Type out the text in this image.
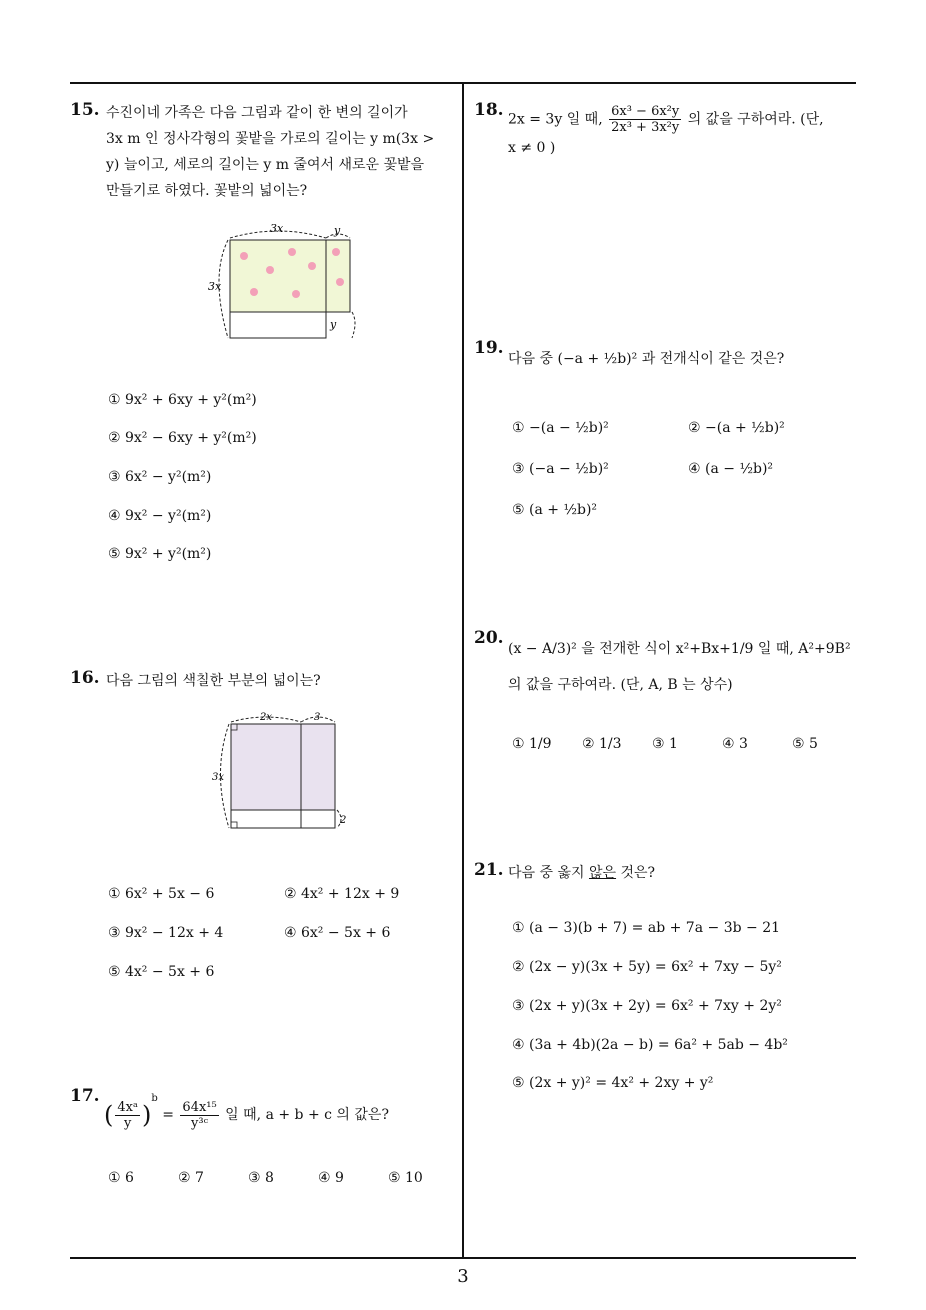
15. 수진이네 가족은 다음 그림과 같이 한 변의 길이가
3x m 인 정사각형의 꽃밭을 가로의 길이는 y m(3x >
y) 늘이고, 세로의 길이는 y m 줄여서 새로운 꽃밭을
만들기로 하였다. 꽃밭의 넓이는?
3x	y
3x
y
① 9x² + 6xy + y²(m²)
② 9x² − 6xy + y²(m²)
③ 6x² − y²(m²)
④ 9x² − y²(m²)
⑤ 9x² + y²(m²)
16. 다음 그림의 색칠한 부분의 넓이는?
2x	3
3x
2
① 6x² + 5x − 6	② 4x² + 12x + 9
③ 9x² − 12x + 4	④ 6x² − 5x + 6
⑤ 4x² − 5x + 6
17.
( $\frac{\text{4xᵃ}}{y} )^b = \frac{\text{64x¹⁵}}{\text{y³ᶜ}}$ 일 때, a + b + c 의 값은?
① 6	② 7	③ 8	④ 9	⑤ 10
18. 2x = 3y 일 때, $\frac{\text{6x³ − 6x²y}}{\text{2x³ + 3x²y}}$ 의 값을 구하여라. (단,
x ≠ 0 )
19.
다음 중 (−a + ½b)² 과 전개식이 같은 것은?
① −(a − ½b)²	② −(a + ½b)²
③ (−a − ½b)²	④ (a − ½b)²
⑤ (a + ½b)²
20.
(x − A/3)² 을 전개한 식이 x²+Bx+1/9 일 때, A²+9B²
의 값을 구하여라. (단, A, B 는 상수)
① 1/9 ② 1/3 ③ 1	④ 3	⑤ 5
21. 다음 중 옳지 않은 것은?
① (a − 3)(b + 7) = ab + 7a − 3b − 21
② (2x − y)(3x + 5y) = 6x² + 7xy − 5y²
③ (2x + y)(3x + 2y) = 6x² + 7xy + 2y²
④ (3a + 4b)(2a − b) = 6a² + 5ab − 4b²
⑤ (2x + y)² = 4x² + 2xy + y²
3
